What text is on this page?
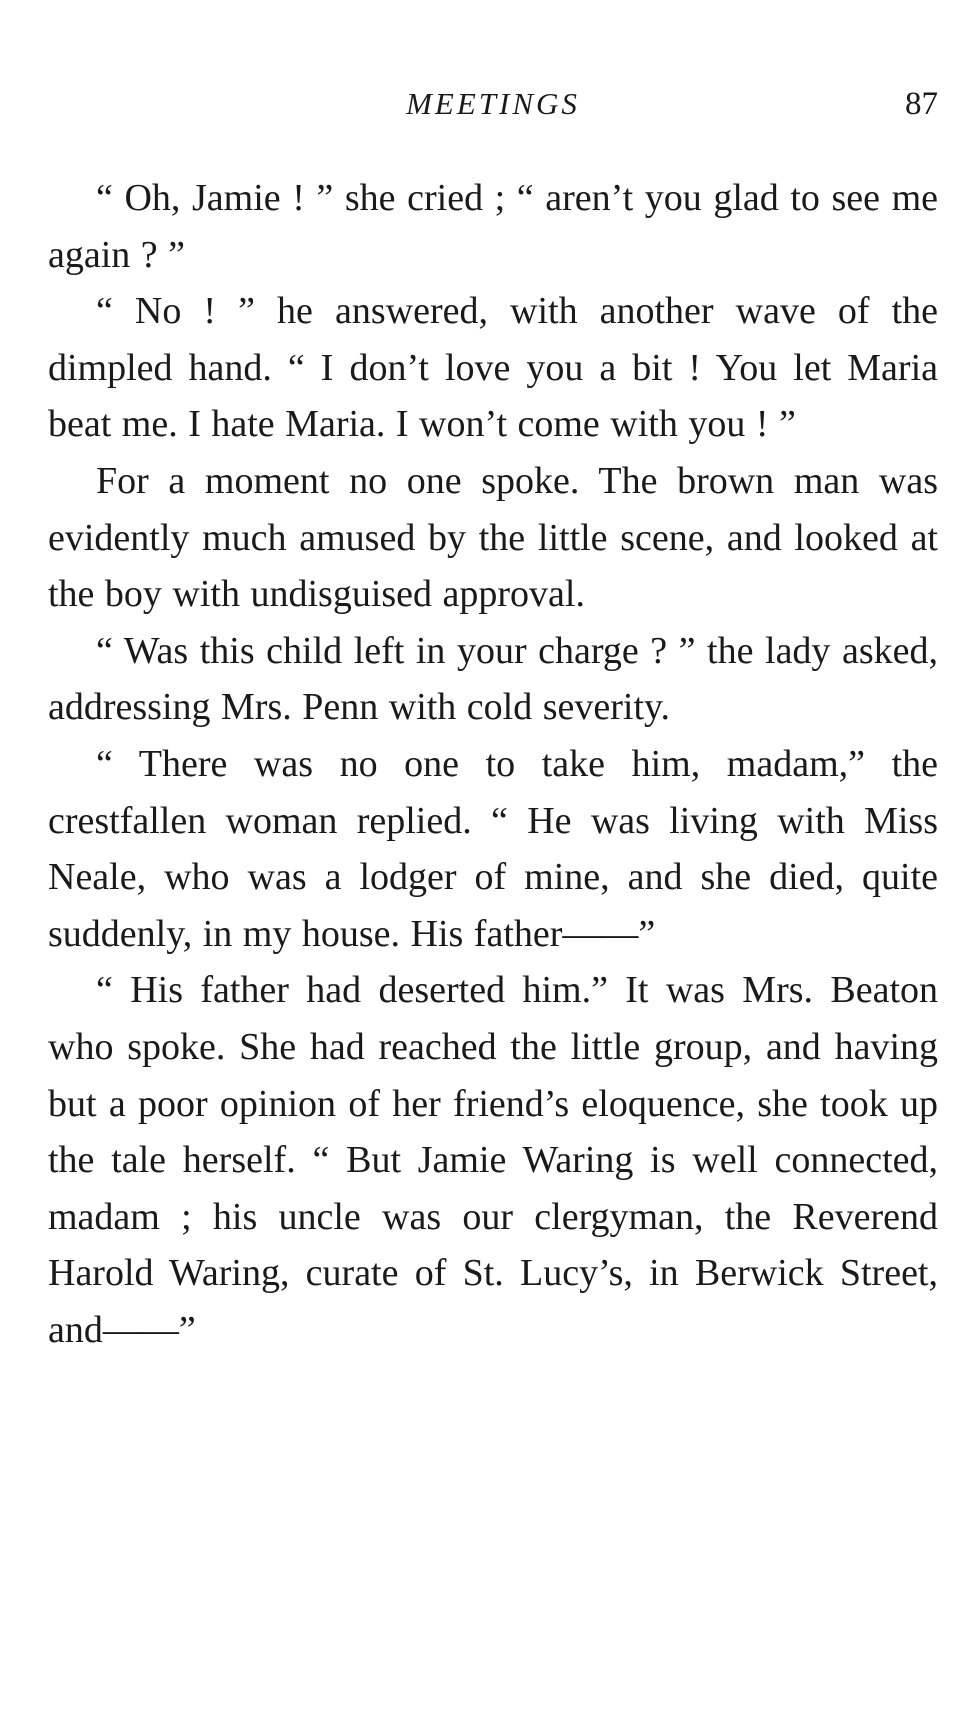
MEETINGS	87

“ Oh, Jamie ! ” she cried ; “ aren’t you glad to see me again ? ”

“ No ! ” he answered, with another wave of the dimpled hand. “ I don’t love you a bit ! You let Maria beat me. I hate Maria. I won’t come with you ! ”

For a moment no one spoke. The brown man was evidently much amused by the little scene, and looked at the boy with undisguised approval.

“ Was this child left in your charge ? ” the lady asked, addressing Mrs. Penn with cold severity.

“ There was no one to take him, madam,” the crestfallen woman replied. “ He was living with Miss Neale, who was a lodger of mine, and she died, quite suddenly, in my house. His father——”

“ His father had deserted him.” It was Mrs. Beaton who spoke. She had reached the little group, and having but a poor opinion of her friend’s eloquence, she took up the tale herself. “ But Jamie Waring is well connected, madam ; his uncle was our clergyman, the Reverend Harold Waring, curate of St. Lucy’s, in Berwick Street, and——”
